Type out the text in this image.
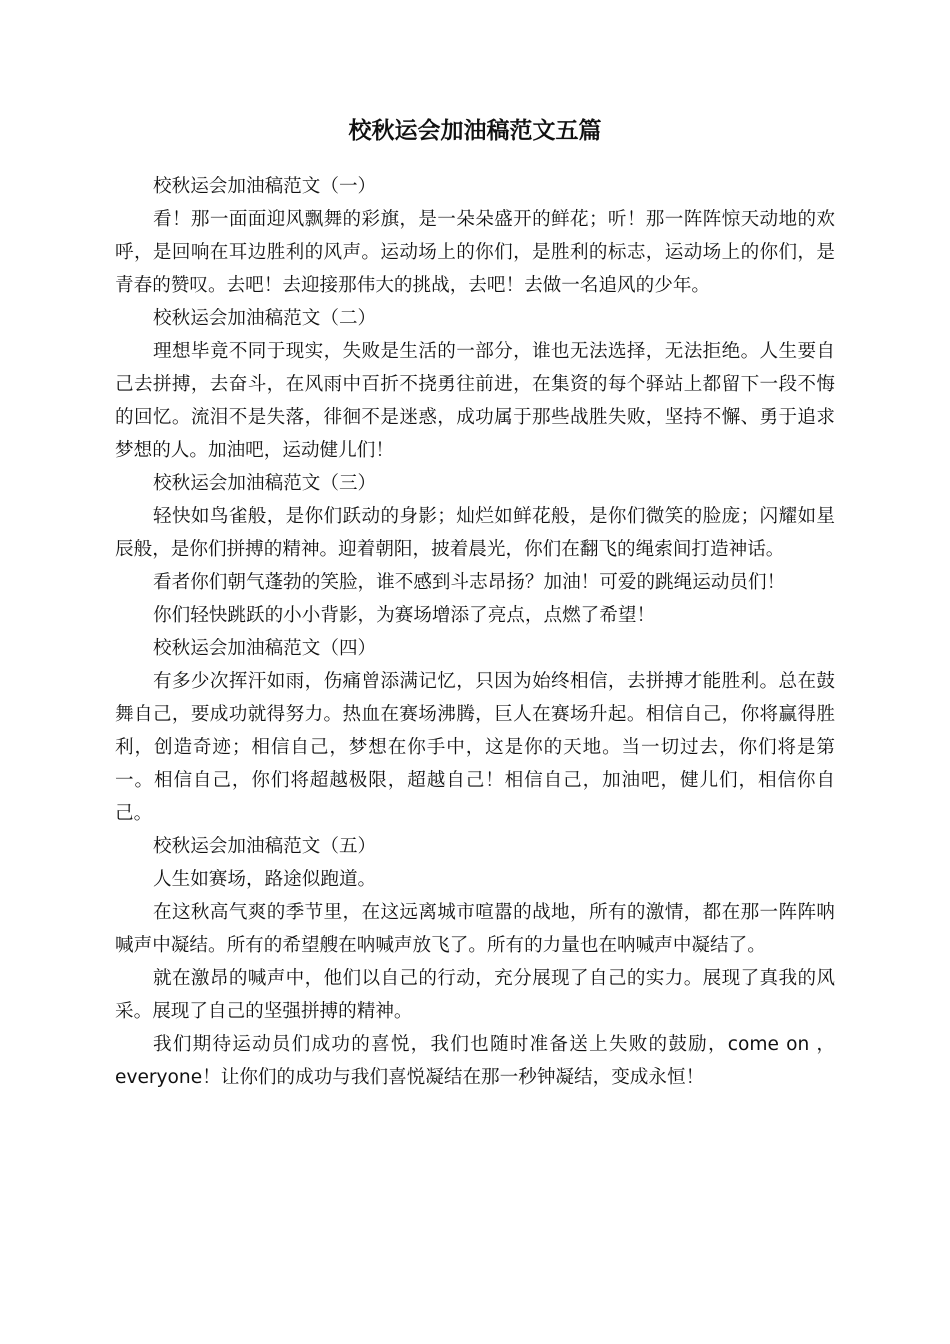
校秋运会加油稿范文五篇

校秋运会加油稿范文（一）

看！那一面面迎风飘舞的彩旗，是一朵朵盛开的鲜花；听！那一阵阵惊天动地的欢呼，是回响在耳边胜利的风声。运动场上的你们，是胜利的标志，运动场上的你们，是青春的赞叹。去吧！去迎接那伟大的挑战，去吧！去做一名追风的少年。

校秋运会加油稿范文（二）

理想毕竟不同于现实，失败是生活的一部分，谁也无法选择，无法拒绝。人生要自己去拼搏，去奋斗，在风雨中百折不挠勇往前进，在集资的每个驿站上都留下一段不悔的回忆。流泪不是失落，徘徊不是迷惑，成功属于那些战胜失败，坚持不懈、勇于追求梦想的人。加油吧，运动健儿们！

校秋运会加油稿范文（三）

轻快如鸟雀般，是你们跃动的身影；灿烂如鲜花般，是你们微笑的脸庞；闪耀如星辰般，是你们拼搏的精神。迎着朝阳，披着晨光，你们在翻飞的绳索间打造神话。

看者你们朝气蓬勃的笑脸，谁不感到斗志昂扬？加油！可爱的跳绳运动员们！

你们轻快跳跃的小小背影，为赛场增添了亮点，点燃了希望！

校秋运会加油稿范文（四）

有多少次挥汗如雨，伤痛曾添满记忆，只因为始终相信，去拼搏才能胜利。总在鼓舞自己，要成功就得努力。热血在赛场沸腾，巨人在赛场升起。相信自己，你将赢得胜利，创造奇迹；相信自己，梦想在你手中，这是你的天地。当一切过去，你们将是第一。相信自己，你们将超越极限，超越自己！相信自己，加油吧，健儿们，相信你自己。

校秋运会加油稿范文（五）

人生如赛场，路途似跑道。

在这秋高气爽的季节里，在这远离城市喧嚣的战地，所有的激情，都在那一阵阵呐喊声中凝结。所有的希望艘在呐喊声放飞了。所有的力量也在呐喊声中凝结了。

就在激昂的喊声中，他们以自己的行动，充分展现了自己的实力。展现了真我的风采。展现了自己的坚强拼搏的精神。

我们期待运动员们成功的喜悦，我们也随时准备送上失败的鼓励，come on ，everyone！让你们的成功与我们喜悦凝结在那一秒钟凝结，变成永恒！
